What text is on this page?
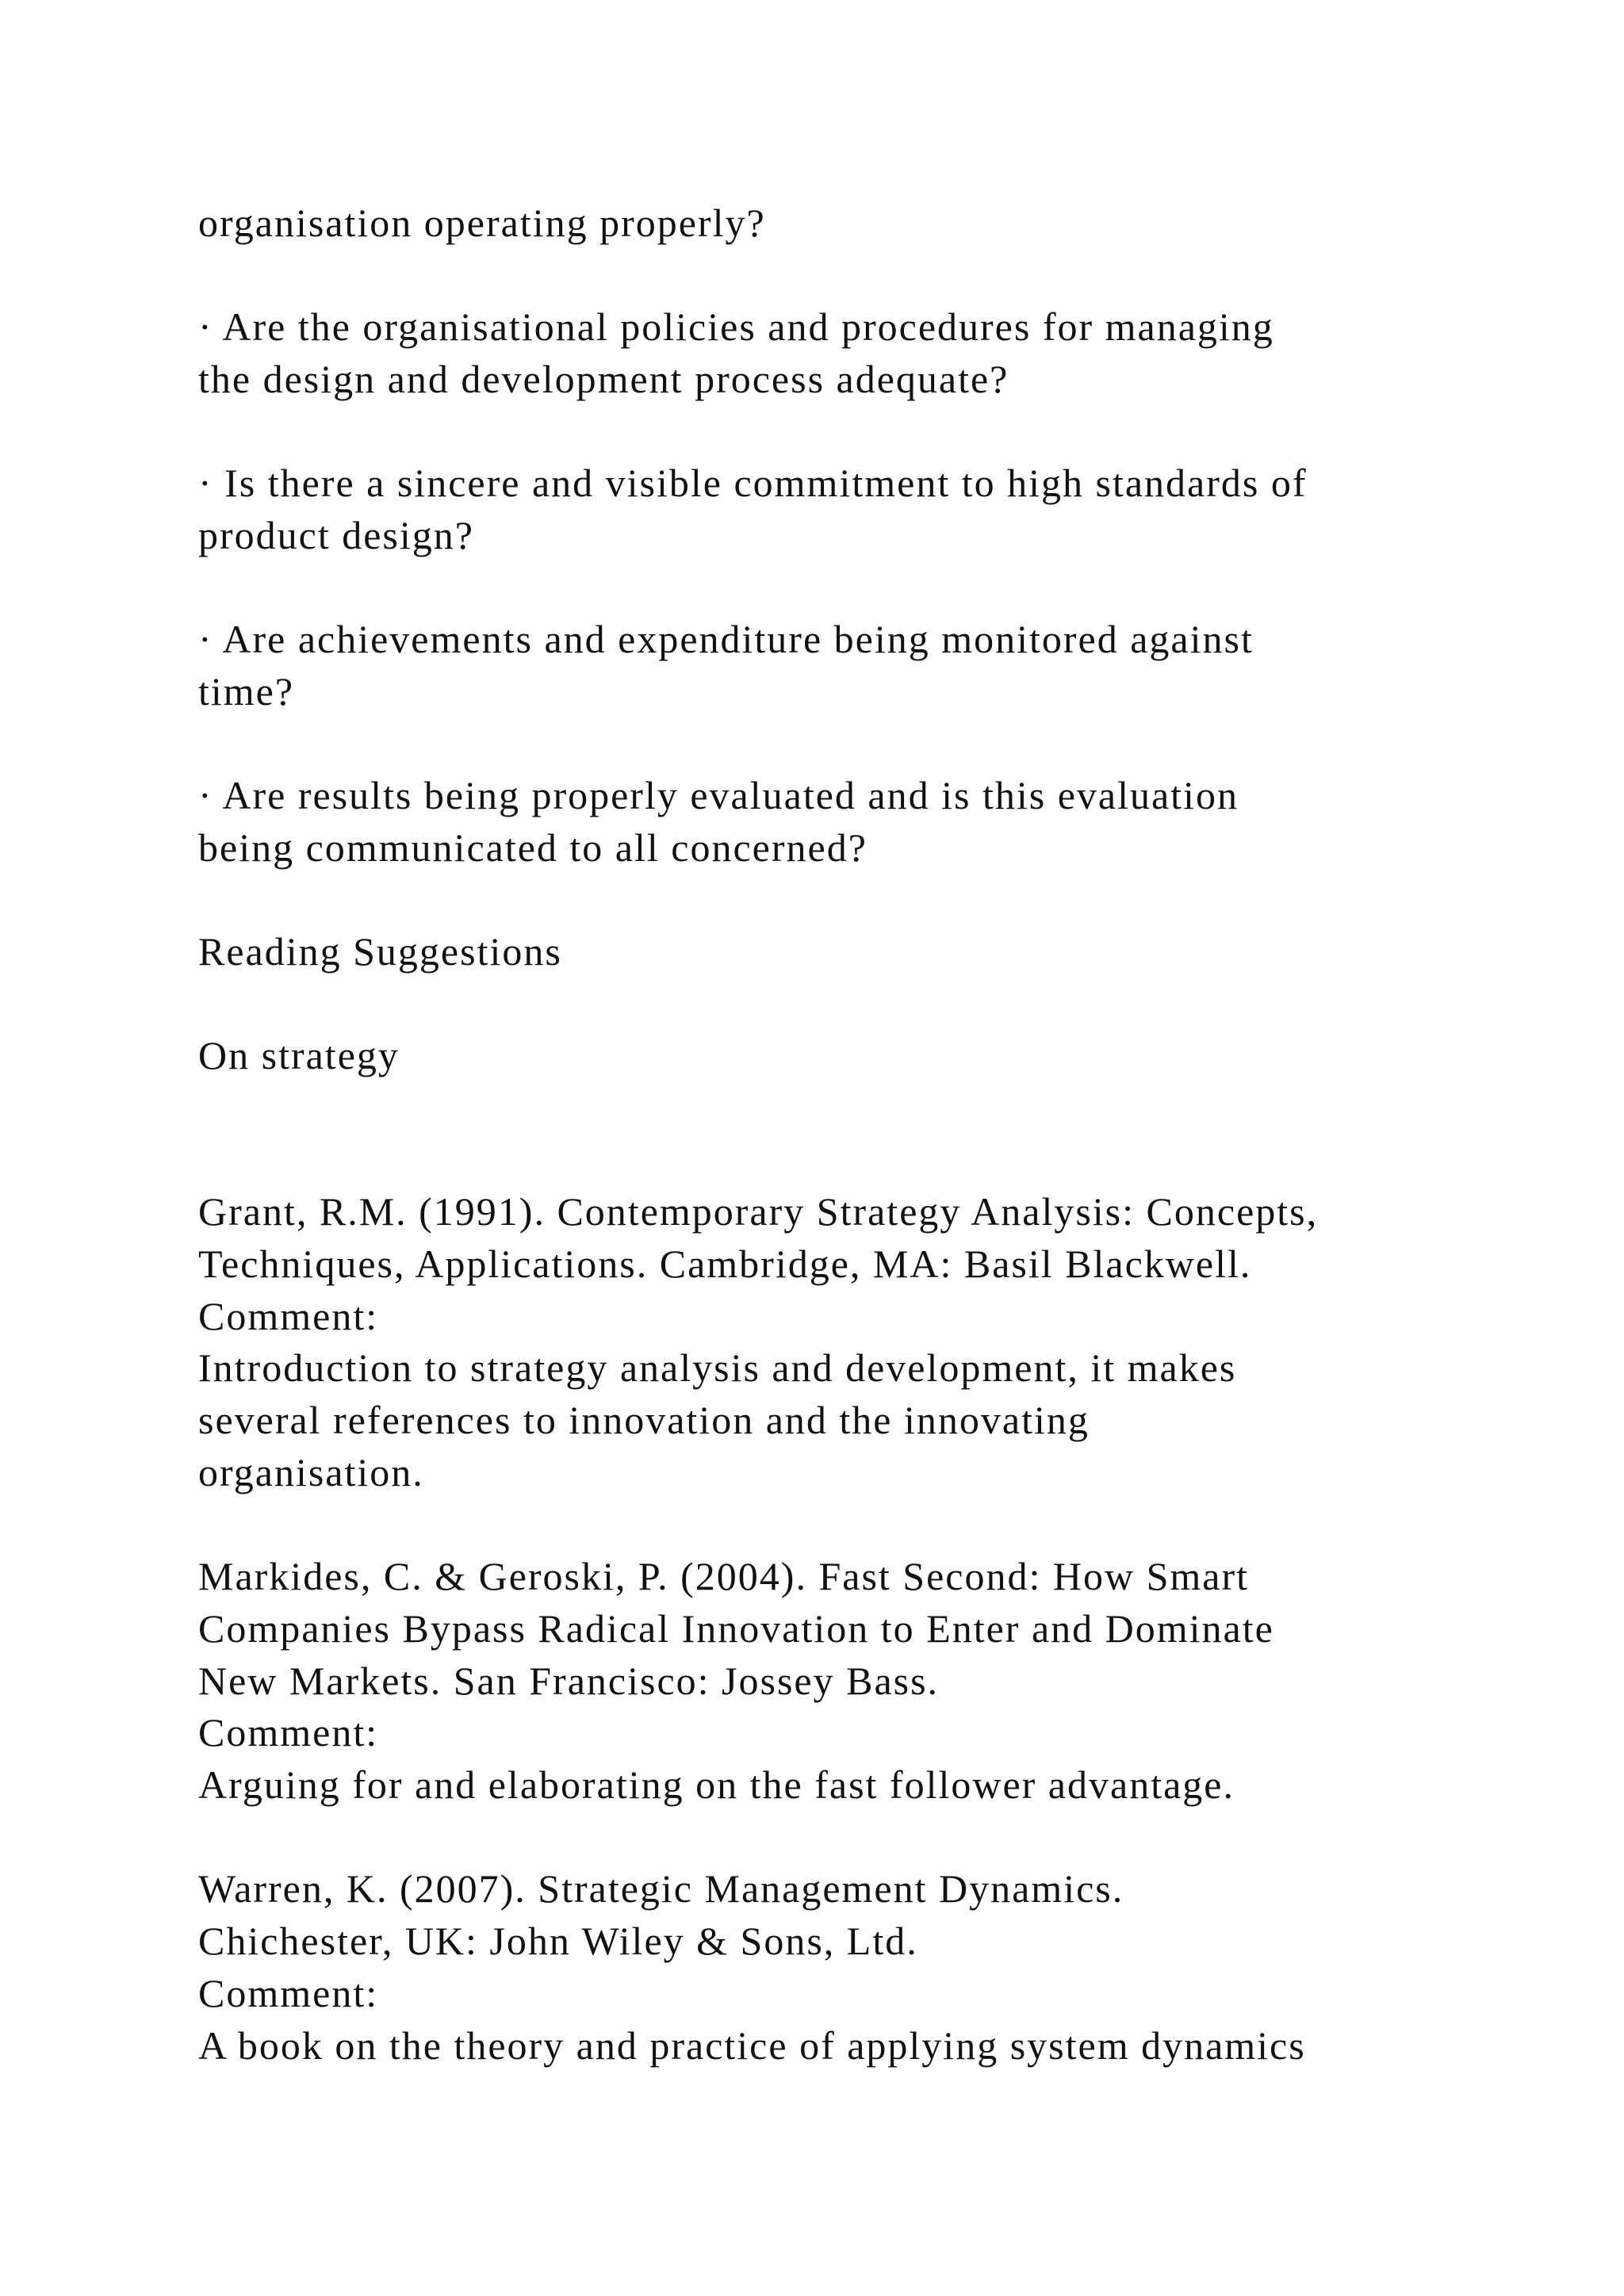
organisation operating properly?
· Are the organisational policies and procedures for managing
the design and development process adequate?
· Is there a sincere and visible commitment to high standards of
product design?
· Are achievements and expenditure being monitored against
time?
· Are results being properly evaluated and is this evaluation
being communicated to all concerned?
Reading Suggestions
On strategy
Grant, R.M. (1991). Contemporary Strategy Analysis: Concepts,
Techniques, Applications. Cambridge, MA: Basil Blackwell.
Comment:
Introduction to strategy analysis and development, it makes
several references to innovation and the innovating
organisation.
Markides, C. & Geroski, P. (2004). Fast Second: How Smart
Companies Bypass Radical Innovation to Enter and Dominate
New Markets. San Francisco: Jossey Bass.
Comment:
Arguing for and elaborating on the fast follower advantage.
Warren, K. (2007). Strategic Management Dynamics.
Chichester, UK: John Wiley & Sons, Ltd.
Comment:
A book on the theory and practice of applying system dynamics
